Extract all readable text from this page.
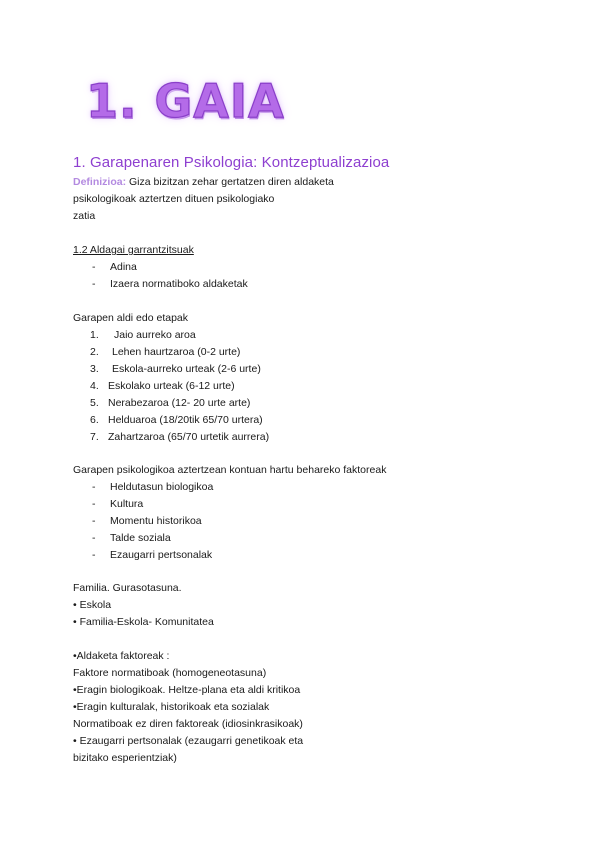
1. GAIA
1. Garapenaren Psikologia: Kontzeptualizazioa
Definizioa: Giza bizitzan zehar gertatzen diren aldaketa
psikologikoak aztertzen dituen psikologiako
zatia
1.2 Aldagai garrantzitsuak
- Adina
- Izaera normatiboko aldaketak
Garapen aldi edo etapak
1. Jaio aurreko aroa
2. Lehen haurtzaroa (0-2 urte)
3. Eskola-aurreko urteak (2-6 urte)
4. Eskolako urteak (6-12 urte)
5. Nerabezaroa (12- 20 urte arte)
6. Helduaroa (18/20tik 65/70 urtera)
7. Zahartzaroa (65/70 urtetik aurrera)
Garapen psikologikoa aztertzean kontuan hartu behareko faktoreak
- Heldutasun biologikoa
- Kultura
- Momentu historikoa
- Talde soziala
- Ezaugarri pertsonalak
Familia. Gurasotasuna.
• Eskola
• Familia-Eskola- Komunitatea
•Aldaketa faktoreak :
Faktore normatiboak (homogeneotasuna)
•Eragin biologikoak. Heltze-plana eta aldi kritikoa
•Eragin kulturalak, historikoak eta sozialak
Normatiboak ez diren faktoreak (idiosinkrasikoak)
• Ezaugarri pertsonalak (ezaugarri genetikoak eta
bizitako esperientziak)
